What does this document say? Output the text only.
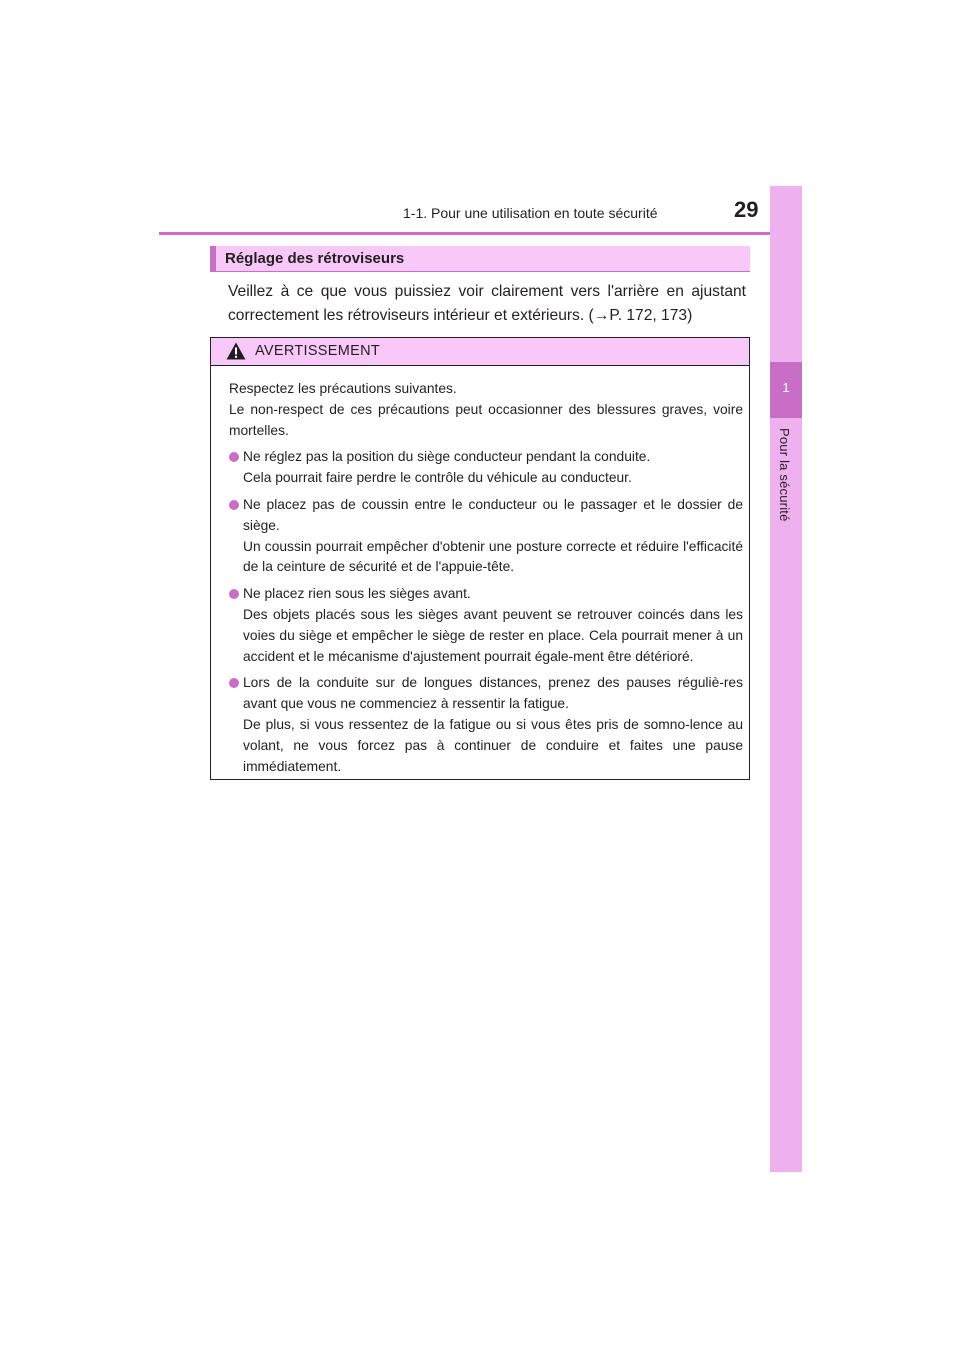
1-1. Pour une utilisation en toute sécurité	29
1
Pour la sécurité
Réglage des rétroviseurs

Veillez à ce que vous puissiez voir clairement vers l'arrière en ajustant correctement les rétroviseurs intérieur et extérieurs. (→P. 172, 173)

AVERTISSEMENT

Respectez les précautions suivantes.

Le non-respect de ces précautions peut occasionner des blessures graves, voire mortelles.

Ne réglez pas la position du siège conducteur pendant la conduite.

Cela pourrait faire perdre le contrôle du véhicule au conducteur.

Ne placez pas de coussin entre le conducteur ou le passager et le dossier de siège.

Un coussin pourrait empêcher d'obtenir une posture correcte et réduire l'efficacité de la ceinture de sécurité et de l'appuie-tête.

Ne placez rien sous les sièges avant.

Des objets placés sous les sièges avant peuvent se retrouver coincés dans les voies du siège et empêcher le siège de rester en place. Cela pourrait mener à un accident et le mécanisme d'ajustement pourrait égale-ment être détérioré.

Lors de la conduite sur de longues distances, prenez des pauses réguliè-res avant que vous ne commenciez à ressentir la fatigue.

De plus, si vous ressentez de la fatigue ou si vous êtes pris de somno-lence au volant, ne vous forcez pas à continuer de conduire et faites une pause immédiatement.
